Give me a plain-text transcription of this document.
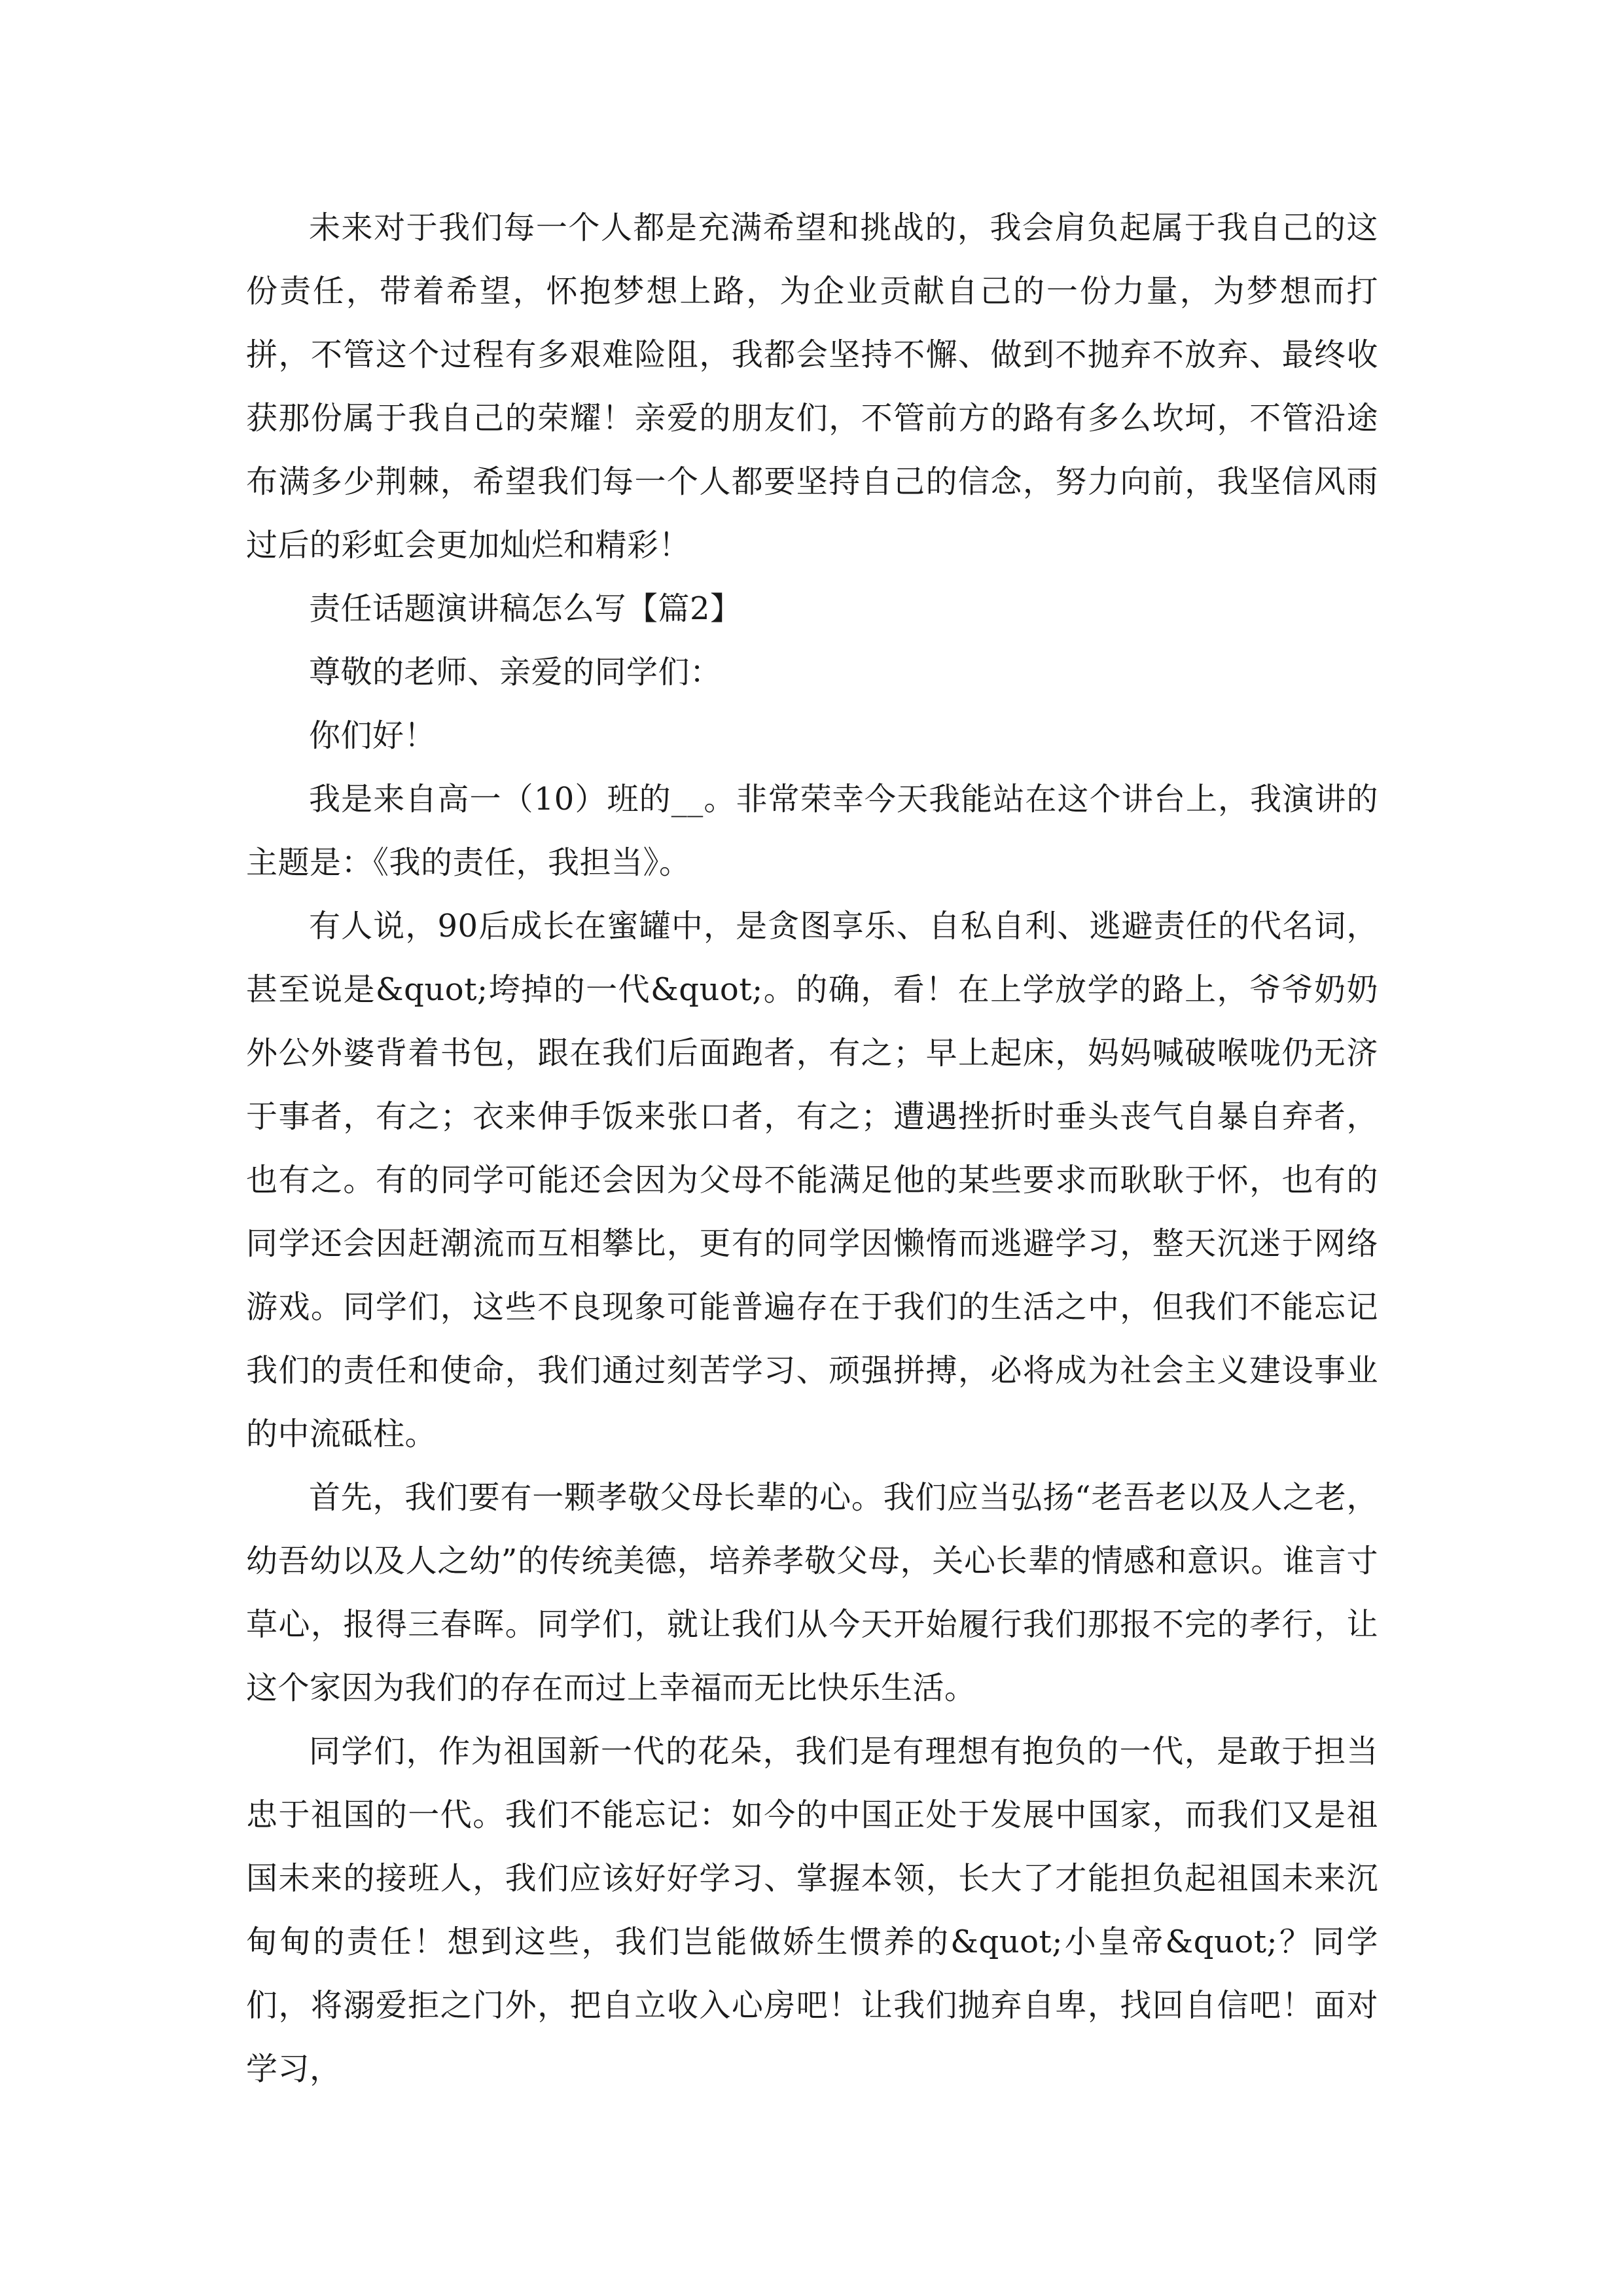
未来对于我们每一个人都是充满希望和挑战的，我会肩负起属于我自己的这份责任，带着希望，怀抱梦想上路，为企业贡献自己的一份力量，为梦想而打拼，不管这个过程有多艰难险阻，我都会坚持不懈、做到不抛弃不放弃、最终收获那份属于我自己的荣耀！亲爱的朋友们，不管前方的路有多么坎坷，不管沿途布满多少荆棘，希望我们每一个人都要坚持自己的信念，努力向前，我坚信风雨过后的彩虹会更加灿烂和精彩！

责任话题演讲稿怎么写【篇2】

尊敬的老师、亲爱的同学们：

你们好！

我是来自高一（10）班的__。非常荣幸今天我能站在这个讲台上，我演讲的主题是：《我的责任，我担当》。

有人说，90后成长在蜜罐中，是贪图享乐、自私自利、逃避责任的代名词，甚至说是&quot;垮掉的一代&quot;。的确，看！在上学放学的路上，爷爷奶奶外公外婆背着书包，跟在我们后面跑者，有之；早上起床，妈妈喊破喉咙仍无济于事者，有之；衣来伸手饭来张口者，有之；遭遇挫折时垂头丧气自暴自弃者，也有之。有的同学可能还会因为父母不能满足他的某些要求而耿耿于怀，也有的同学还会因赶潮流而互相攀比，更有的同学因懒惰而逃避学习，整天沉迷于网络游戏。同学们，这些不良现象可能普遍存在于我们的生活之中，但我们不能忘记我们的责任和使命，我们通过刻苦学习、顽强拼搏，必将成为社会主义建设事业的中流砥柱。

首先，我们要有一颗孝敬父母长辈的心。我们应当弘扬“老吾老以及人之老，幼吾幼以及人之幼”的传统美德，培养孝敬父母，关心长辈的情感和意识。谁言寸草心，报得三春晖。同学们，就让我们从今天开始履行我们那报不完的孝行，让这个家因为我们的存在而过上幸福而无比快乐生活。

同学们，作为祖国新一代的花朵，我们是有理想有抱负的一代，是敢于担当忠于祖国的一代。我们不能忘记：如今的中国正处于发展中国家，而我们又是祖国未来的接班人，我们应该好好学习、掌握本领，长大了才能担负起祖国未来沉甸甸的责任！想到这些，我们岂能做娇生惯养的&quot;小皇帝&quot;？同学们，将溺爱拒之门外，把自立收入心房吧！让我们抛弃自卑，找回自信吧！面对学习，
